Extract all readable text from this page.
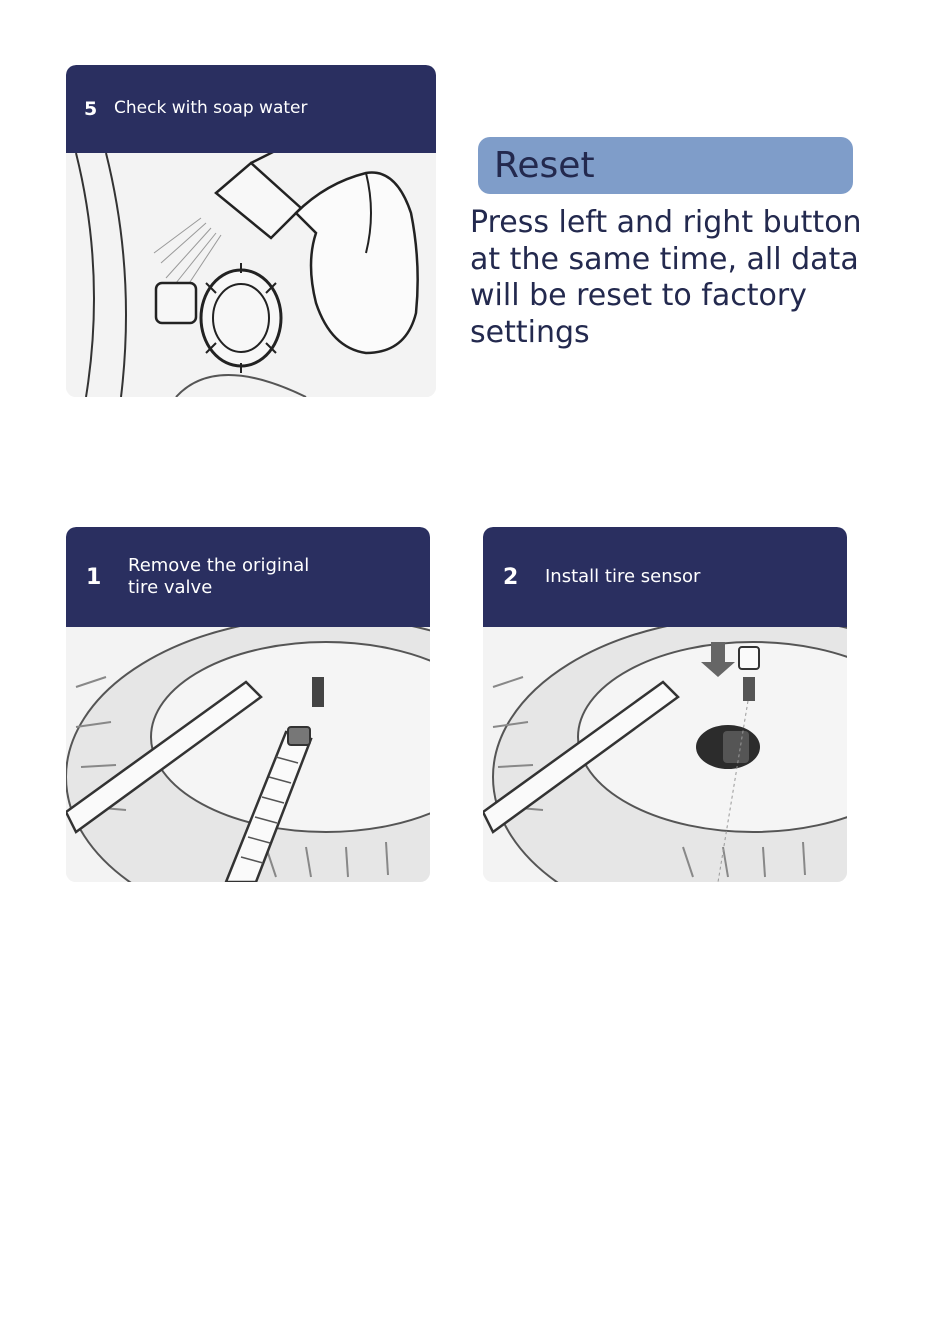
5 Check with soap water
Reset

Press left and right button at the same time, all data will be reset to factory settings

1	Remove the original tire valve	2	Install tire sensor
